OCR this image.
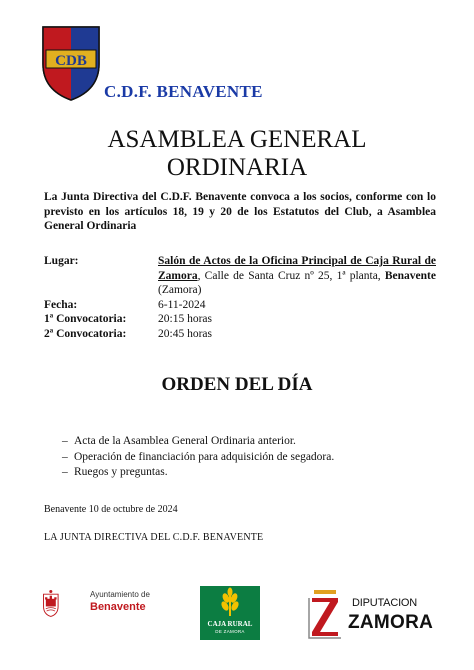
CDB
C.D.F. BENAVENTE
ASAMBLEA GENERAL
ORDINARIA

La Junta Directiva del C.D.F. Benavente convoca a los socios, conforme con lo previsto en los artículos 18, 19 y 20 de los Estatutos del Club, a Asamblea General Ordinaria

Lugar:	Salón de Actos de la Oficina Principal de Caja Rural de Zamora, Calle de Santa Cruz nº 25, 1ª planta, Benavente (Zamora)
Fecha:	6-11-2024
1ª Convocatoria:	20:15 horas
2ª Convocatoria:	20:45 horas
ORDEN DEL DÍA
– Acta de la Asamblea General Ordinaria anterior.
– Operación de financiación para adquisición de segadora.
– Ruegos y preguntas.
Benavente 10 de octubre de 2024
LA JUNTA DIRECTIVA DEL C.D.F. BENAVENTE
Ayuntamiento de
Benavente
CAJA RURAL
DE ZAMORA
DIPUTACION
ZAMORA
